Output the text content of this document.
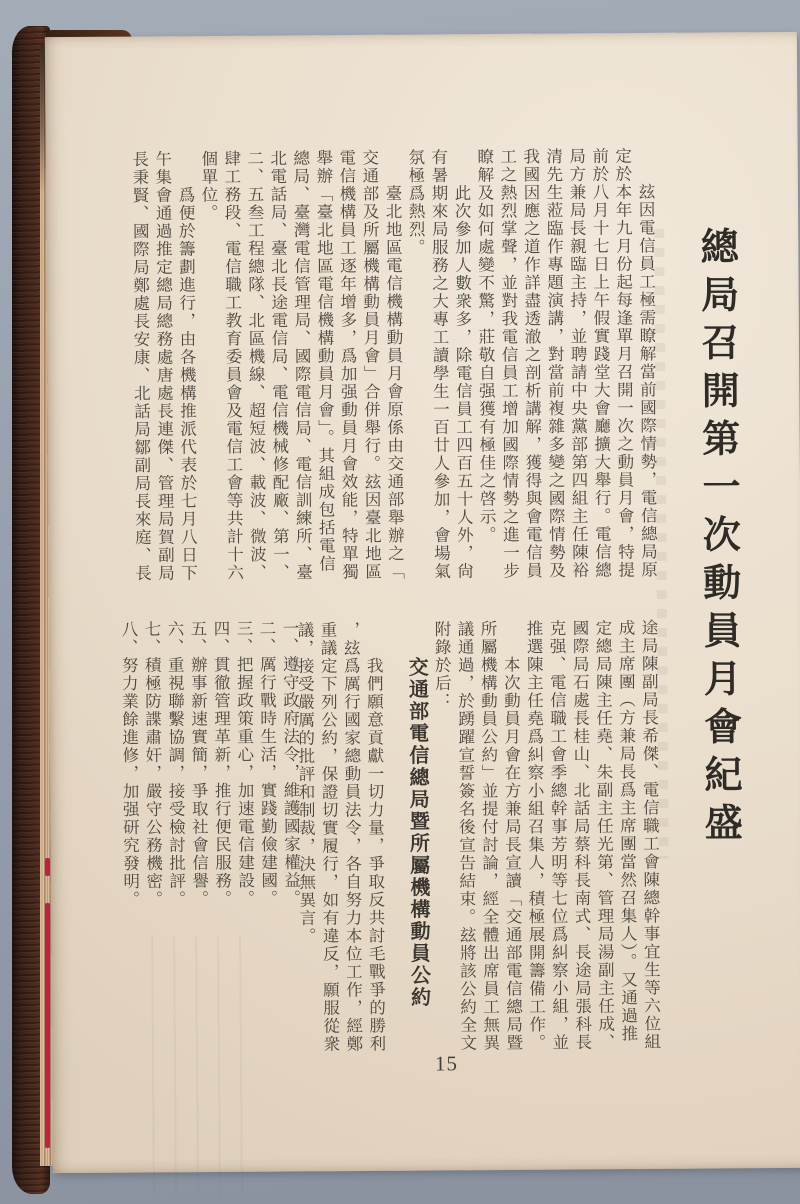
總局召開第一次動員月會紀盛
　　玆因電信員工極需瞭解當前國際情勢，電信總局原
定於本年九月份起每逢單月召開一次之動員月會，特提
前於八月十七日上午假實踐堂大會廳擴大舉行。電信總
局方兼局長親臨主持，並聘請中央黨部第四組主任陳裕
清先生蒞臨作專題演講，對當前複雜多變之國際情勢及
我國因應之道作詳盡透澈之剖析講解，獲得與會電信員
工之熱烈掌聲，並對我電信員工增加國際情勢之進一步
瞭解及如何處變不驚，莊敬自强獲有極佳之啓示。
　　此次參加人數衆多，除電信員工四百五十人外，尙
有暑期來局服務之大專工讀學生一百廿人參加，會場氣
氛極爲熱烈。
　　臺北地區電信機構動員月會原係由交通部舉辦之「
交通部及所屬機構動員月會」合併舉行。玆因臺北地區
電信機構員工逐年增多，爲加强動員月會效能，特單獨
舉辦「臺北地區電信機構動員月會」。其組成包括電信
總局、臺灣電信管理局、國際電信局、電信訓練所、臺
北電話局、臺北長途電信局、電信機械修配廠、第一、
二、五叁工程總隊、北區機線、超短波、載波、微波、
肆工務段、電信職工教育委員會及電信工會等共計十六
個單位。
　　爲便於籌劃進行，由各機構推派代表於七月八日下
午集會通過推定總局總務處唐處長連傑、管理局賀副局
長秉賢、國際局鄭處長安康、北話局鄒副局長來庭、長
途局陳副局長希傑、電信職工會陳總幹事宜生等六位組
成主席團（方兼局長爲主席團當然召集人）。又通過推
定總局陳主任堯、朱副主任光第、管理局湯副主任成、
國際局石處長桂山、北話局蔡科長南式、長途局張科長
克强、電信職工會季總幹事芳明等七位爲糾察小組，並
推選陳主任堯爲糾察小組召集人，積極展開籌備工作。
　　本次動員月會在方兼局長宣讀「交通部電信總局暨
所屬機構動員公約」並提付討論，經全體出席員工無異
議通過，於踴躍宣誓簽名後宣告結束。玆將該公約全文
附錄於后：
交通部電信總局暨所屬機構動員公約
　　我們願意貢獻一切力量，爭取反共討毛戰爭的勝利
，玆爲厲行國家總動員法令，各自努力本位工作，經鄭
重議定下列公約，保證切實履行，如有違反，願服從衆
議，接受嚴厲的批評和制裁，決無異言。
一、遵守政府法令，維護國家權益。
二、厲行戰時生活，實踐勤儉建國。
三、把握政策重心，加速電信建設。
四、貫徹管理革新，推行便民服務。
五、辦事新速實簡，爭取社會信譽。
六、重視聯繫協調，接受檢討批評。
七、積極防諜肅奸，嚴守公務機密。
八、努力業餘進修，加强研究發明。
15
